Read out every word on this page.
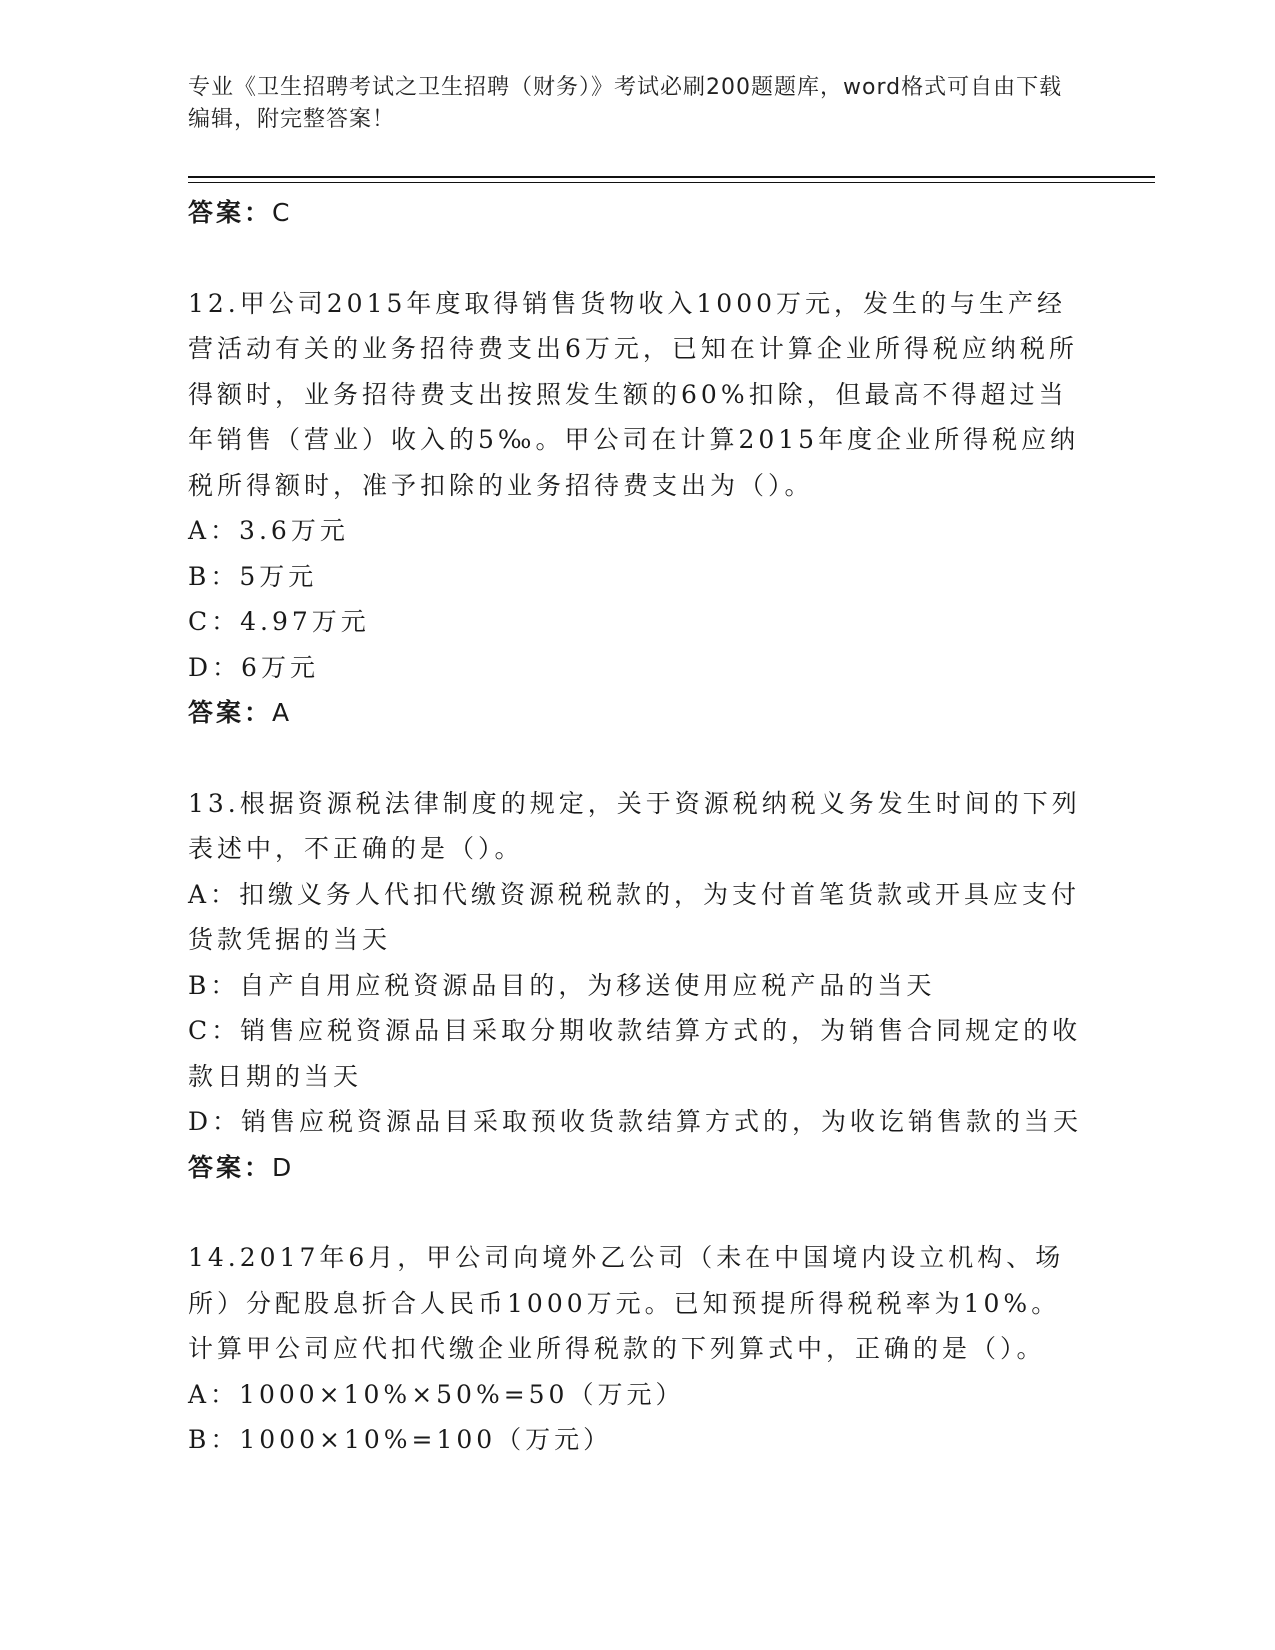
专业《卫生招聘考试之卫生招聘（财务）》考试必刷200题题库，word格式可自由下载编辑，附完整答案！
答案：C
12.甲公司2015年度取得销售货物收入1000万元，发生的与生产经营活动有关的业务招待费支出6万元，已知在计算企业所得税应纳税所得额时，业务招待费支出按照发生额的60%扣除，但最高不得超过当年销售（营业）收入的5‰。甲公司在计算2015年度企业所得税应纳税所得额时，准予扣除的业务招待费支出为（）。
A：3.6万元
B：5万元
C：4.97万元
D：6万元
答案：A
13.根据资源税法律制度的规定，关于资源税纳税义务发生时间的下列表述中，不正确的是（）。
A：扣缴义务人代扣代缴资源税税款的，为支付首笔货款或开具应支付货款凭据的当天
B：自产自用应税资源品目的，为移送使用应税产品的当天
C：销售应税资源品目采取分期收款结算方式的，为销售合同规定的收款日期的当天
D：销售应税资源品目采取预收货款结算方式的，为收讫销售款的当天
答案：D
14.2017年6月，甲公司向境外乙公司（未在中国境内设立机构、场所）分配股息折合人民币1000万元。已知预提所得税税率为10%。计算甲公司应代扣代缴企业所得税款的下列算式中，正确的是（）。
A：1000×10%×50%=50（万元）
B：1000×10%=100（万元）
